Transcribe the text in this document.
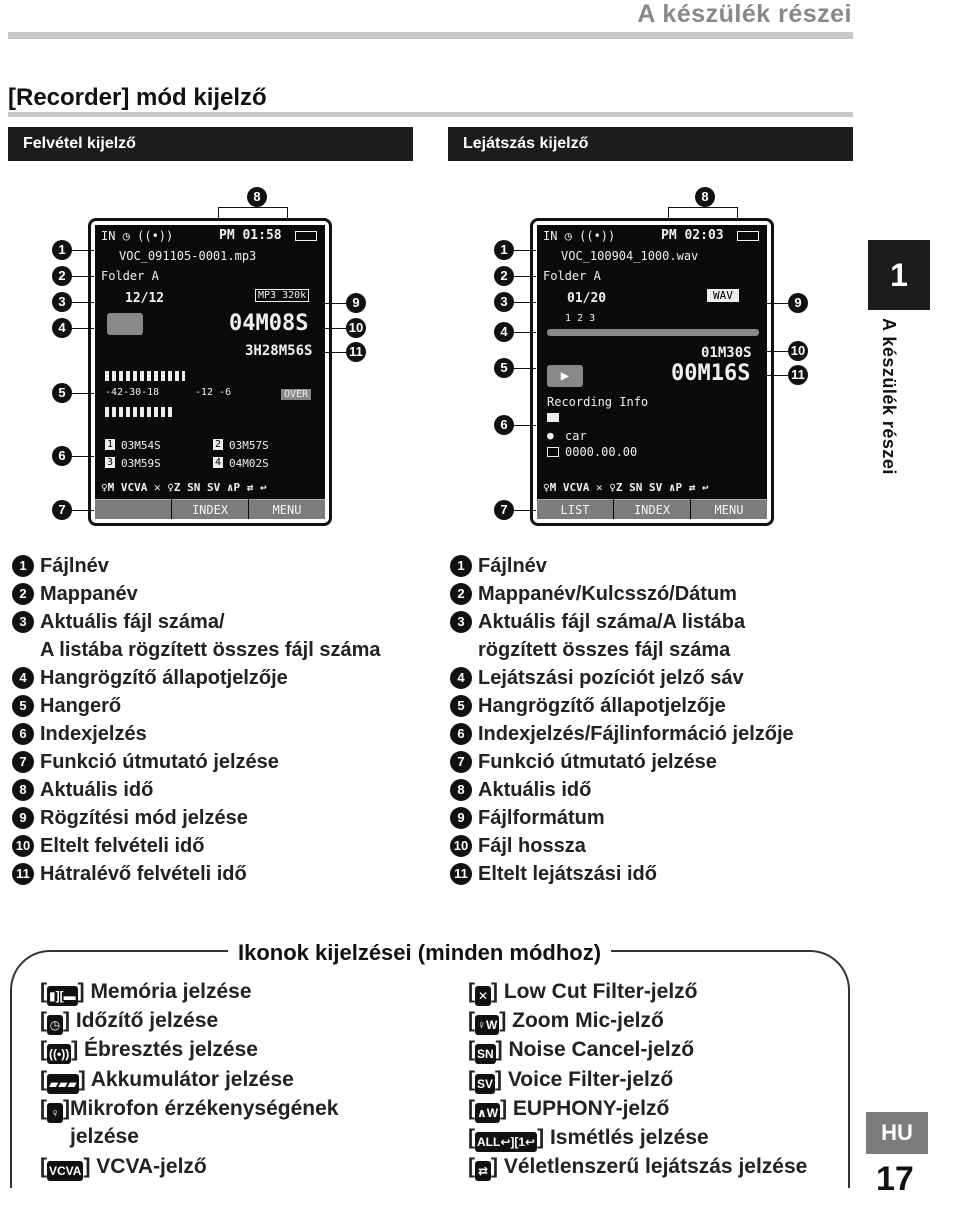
A készülék részei
[Recorder] mód kijelző
Felvétel kijelző	Lejátszás kijelző
1
A készülék részei
IN ◷ ((•))	PM 01:58
VOC_091105-0001.mp3
Folder A
12/12	MP3 320k
04M08S
3H28M56S
-42-30-18	-12 -6	OVER
1 03M54S	2 03M57S
3 03M59S	4 04M02S
♀M VCVA ✕ ♀Z SN SV ∧P ⇄ ↩
INDEX	MENU
1
2
3
4
5
6
7
8
9
10
11
IN ◷ ((•))	PM 02:03
VOC_100904_1000.wav
Folder A
01/20	WAV
1 2 3
01M30S
00M16S
▶
Recording Info
● car
0000.00.00
♀M VCVA ✕ ♀Z SN SV ∧P ⇄ ↩
LIST	INDEX	MENU
1
2
3
4
5
6
7
8
9
10
11
1 Fájlnév
2 Mappanév
3 Aktuális fájl száma/
A listába rögzített összes fájl száma
4 Hangrögzítő állapotjelzője
5 Hangerő
6 Indexjelzés
7 Funkció útmutató jelzése
8 Aktuális idő
9 Rögzítési mód jelzése
10 Eltelt felvételi idő
11 Hátralévő felvételi idő
1 Fájlnév
2 Mappanév/Kulcsszó/Dátum
3 Aktuális fájl száma/A listába
rögzített összes fájl száma
4 Lejátszási pozíciót jelző sáv
5 Hangrögzítő állapotjelzője
6 Indexjelzés/Fájlinformáció jelzője
7 Funkció útmutató jelzése
8 Aktuális idő
9 Fájlformátum
10 Fájl hossza
11 Eltelt lejátszási idő
Ikonok kijelzései (minden módhoz)
[ ▮][▬] Memória jelzése
[ ◷ ] Időzítő jelzése
[ ((•))] Ébresztés jelzése
[ ▰▰▰] Akkumulátor jelzése
[ ♀ ]Mikrofon érzékenységének
jelzése
[ VCVA] VCVA-jelző
[ ✕ ] Low Cut Filter-jelző
[ ♀W] Zoom Mic-jelző
[ SN] Noise Cancel-jelző
[ SV] Voice Filter-jelző
[ ∧W] EUPHONY-jelző
[ ALL↩][1↩] Ismétlés jelzése
[ ⇄ ] Véletlenszerű lejátszás jelzése
HU
17
